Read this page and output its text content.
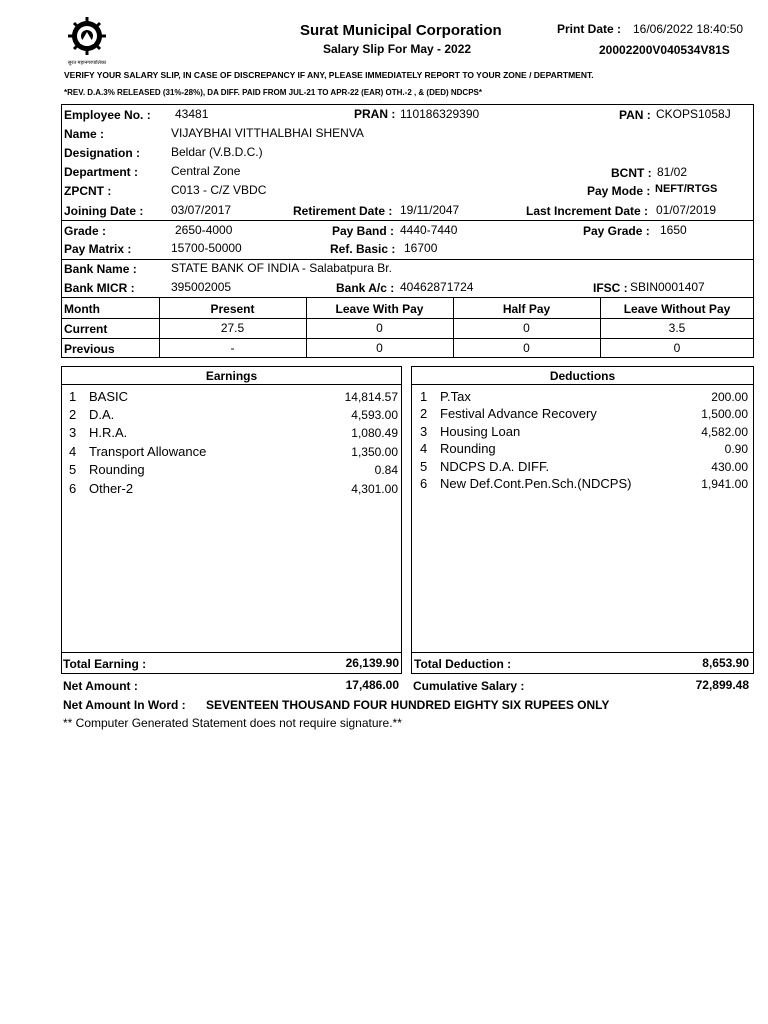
सुरत महानगरपालिका
Surat Municipal Corporation
Salary Slip For May - 2022
Print Date : 16/06/2022 18:40:50
20002200V040534V81S
VERIFY YOUR SALARY SLIP, IN CASE OF DISCREPANCY IF ANY, PLEASE IMMEDIATELY REPORT TO YOUR ZONE / DEPARTMENT.
*REV. D.A.3% RELEASED (31%-28%), DA DIFF. PAID FROM JUL-21 TO APR-22 (EAR) OTH.-2 , & (DED) NDCPS*
Employee No. : 43481	PRAN : 110186329390	PAN : CKOPS1058J
Name :	VIJAYBHAI VITTHALBHAI SHENVA
Designation :	Beldar (V.B.D.C.)
Department :	Central Zone	BCNT : 81/02
ZPCNT :	C013 - C/Z VBDC	Pay Mode : NEFT/RTGS
Joining Date : 03/07/2017	Retirement Date : 19/11/2047	Last Increment Date : 01/07/2019
Grade :	2650-4000	Pay Band : 4440-7440	Pay Grade : 1650
Pay Matrix :	15700-50000	Ref. Basic : 16700
Bank Name :	STATE BANK OF INDIA - Salabatpura Br.
Bank MICR :	395002005	Bank A/c : 40462871724	IFSC : SBIN0001407
Month	Present	Leave With Pay	Half Pay	Leave Without Pay
Current	27.5	0	0	3.5
Previous	-	0	0	0
Earnings
1 BASIC	14,814.57
2 D.A.	4,593.00
3 H.R.A.	1,080.49
4 Transport Allowance	1,350.00
5 Rounding	0.84
6 Other-2	4,301.00
Total Earning :	26,139.90
Deductions
1 P.Tax	200.00
2 Festival Advance Recovery	1,500.00
3 Housing Loan	4,582.00
4 Rounding	0.90
5 NDCPS D.A. DIFF.	430.00
6 New Def.Cont.Pen.Sch.(NDCPS)	1,941.00
Total Deduction :	8,653.90
Net Amount :	17,486.00 Cumulative Salary :	72,899.48
Net Amount In Word : SEVENTEEN THOUSAND FOUR HUNDRED EIGHTY SIX RUPEES ONLY
** Computer Generated Statement does not require signature.**
